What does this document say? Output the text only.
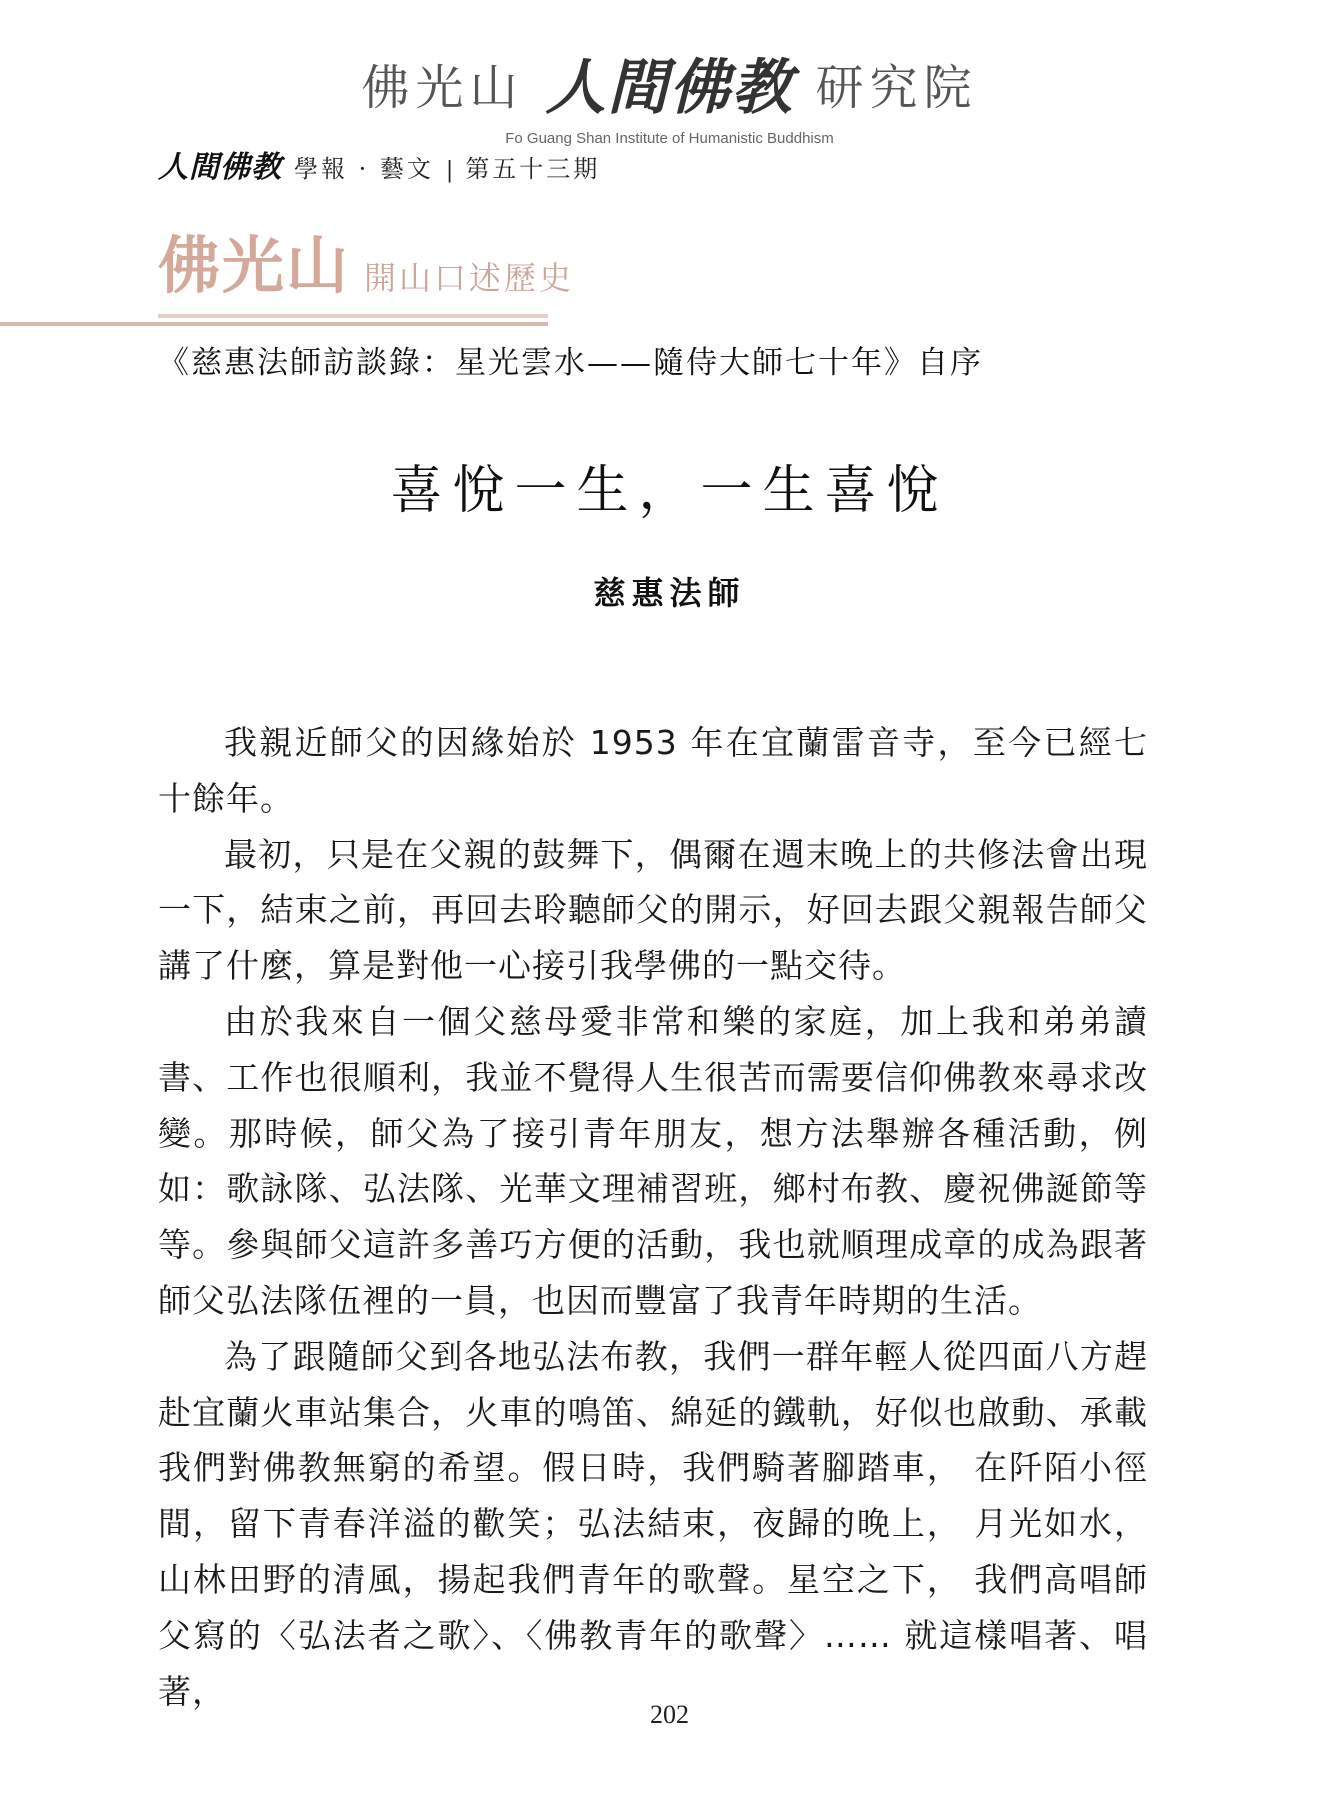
佛光山 人間佛教 研究院
Fo Guang Shan Institute of Humanistic Buddhism
人間佛教 學報 · 藝文 | 第五十三期
佛光山 開山口述歷史
《慈惠法師訪談錄：星光雲水——隨侍大師七十年》自序
喜悅一生，一生喜悅
慈惠法師

我親近師父的因緣始於 1953 年在宜蘭雷音寺，至今已經七十餘年。

最初，只是在父親的鼓舞下，偶爾在週末晚上的共修法會出現一下，結束之前，再回去聆聽師父的開示，好回去跟父親報告師父講了什麼，算是對他一心接引我學佛的一點交待。

由於我來自一個父慈母愛非常和樂的家庭，加上我和弟弟讀書、工作也很順利，我並不覺得人生很苦而需要信仰佛教來尋求改變。那時候，師父為了接引青年朋友，想方法舉辦各種活動，例如：歌詠隊、弘法隊、光華文理補習班，鄉村布教、慶祝佛誕節等等。參與師父這許多善巧方便的活動，我也就順理成章的成為跟著師父弘法隊伍裡的一員，也因而豐富了我青年時期的生活。

為了跟隨師父到各地弘法布教，我們一群年輕人從四面八方趕赴宜蘭火車站集合，火車的鳴笛、綿延的鐵軌，好似也啟動、承載我們對佛教無窮的希望。假日時，我們騎著腳踏車， 在阡陌小徑間，留下青春洋溢的歡笑；弘法結束，夜歸的晚上， 月光如水，山林田野的清風，揚起我們青年的歌聲。星空之下， 我們高唱師父寫的〈弘法者之歌〉、〈佛教青年的歌聲〉…… 就這樣唱著、唱著，

202
